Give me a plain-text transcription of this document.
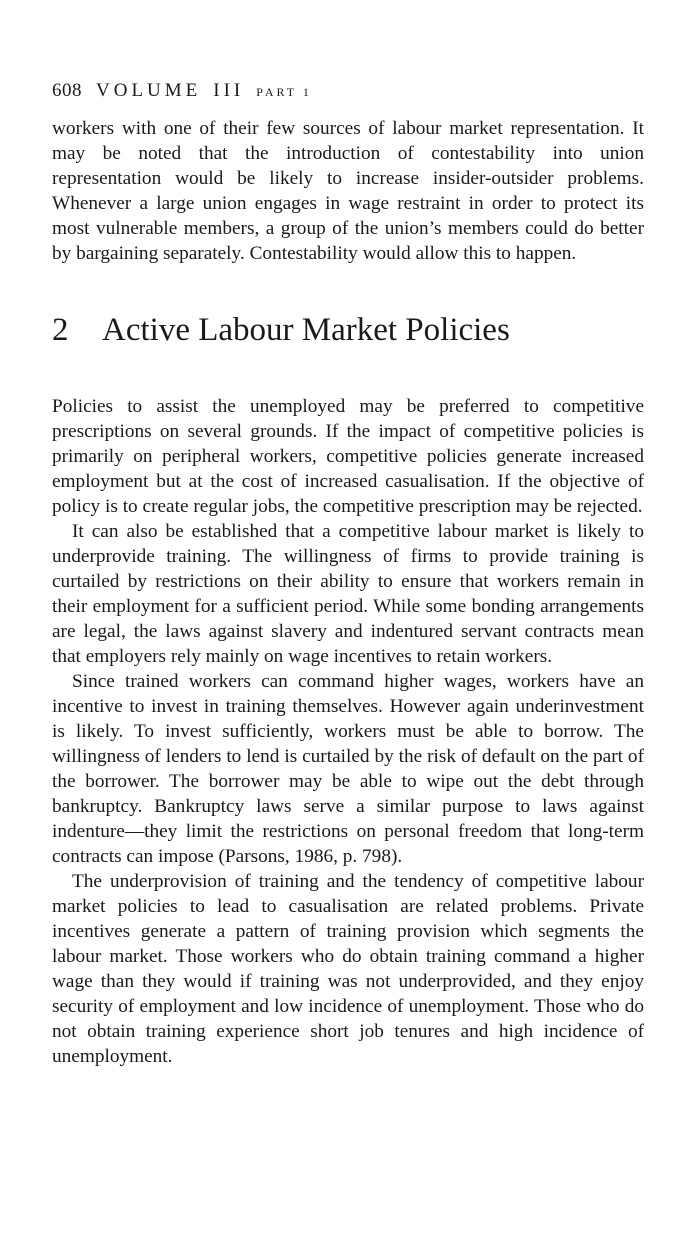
608 VOLUME III PART 1

workers with one of their few sources of labour market representation. It may be noted that the introduction of contestability into union representation would be likely to increase insider-outsider problems. Whenever a large union engages in wage restraint in order to protect its most vulnerable members, a group of the union’s members could do better by bargaining separately. Contestability would allow this to happen.

2	Active Labour Market Policies

Policies to assist the unemployed may be preferred to competitive prescriptions on several grounds. If the impact of competitive policies is primarily on peripheral workers, competitive policies generate increased employment but at the cost of increased casualisation. If the objective of policy is to create regular jobs, the competitive prescription may be rejected.

It can also be established that a competitive labour market is likely to underprovide training. The willingness of firms to provide training is curtailed by restrictions on their ability to ensure that workers remain in their employment for a sufficient period. While some bonding arrangements are legal, the laws against slavery and indentured servant contracts mean that employers rely mainly on wage incentives to retain workers.

Since trained workers can command higher wages, workers have an incentive to invest in training themselves. However again underinvestment is likely. To invest sufficiently, workers must be able to borrow. The willingness of lenders to lend is curtailed by the risk of default on the part of the borrower. The borrower may be able to wipe out the debt through bankruptcy. Bankruptcy laws serve a similar purpose to laws against indenture—they limit the restrictions on personal freedom that long-term contracts can impose (Parsons, 1986, p. 798).

The underprovision of training and the tendency of competitive labour market policies to lead to casualisation are related problems. Private incentives generate a pattern of training provision which segments the labour market. Those workers who do obtain training command a higher wage than they would if training was not underprovided, and they enjoy security of employment and low incidence of unemployment. Those who do not obtain training experience short job tenures and high incidence of unemployment.
